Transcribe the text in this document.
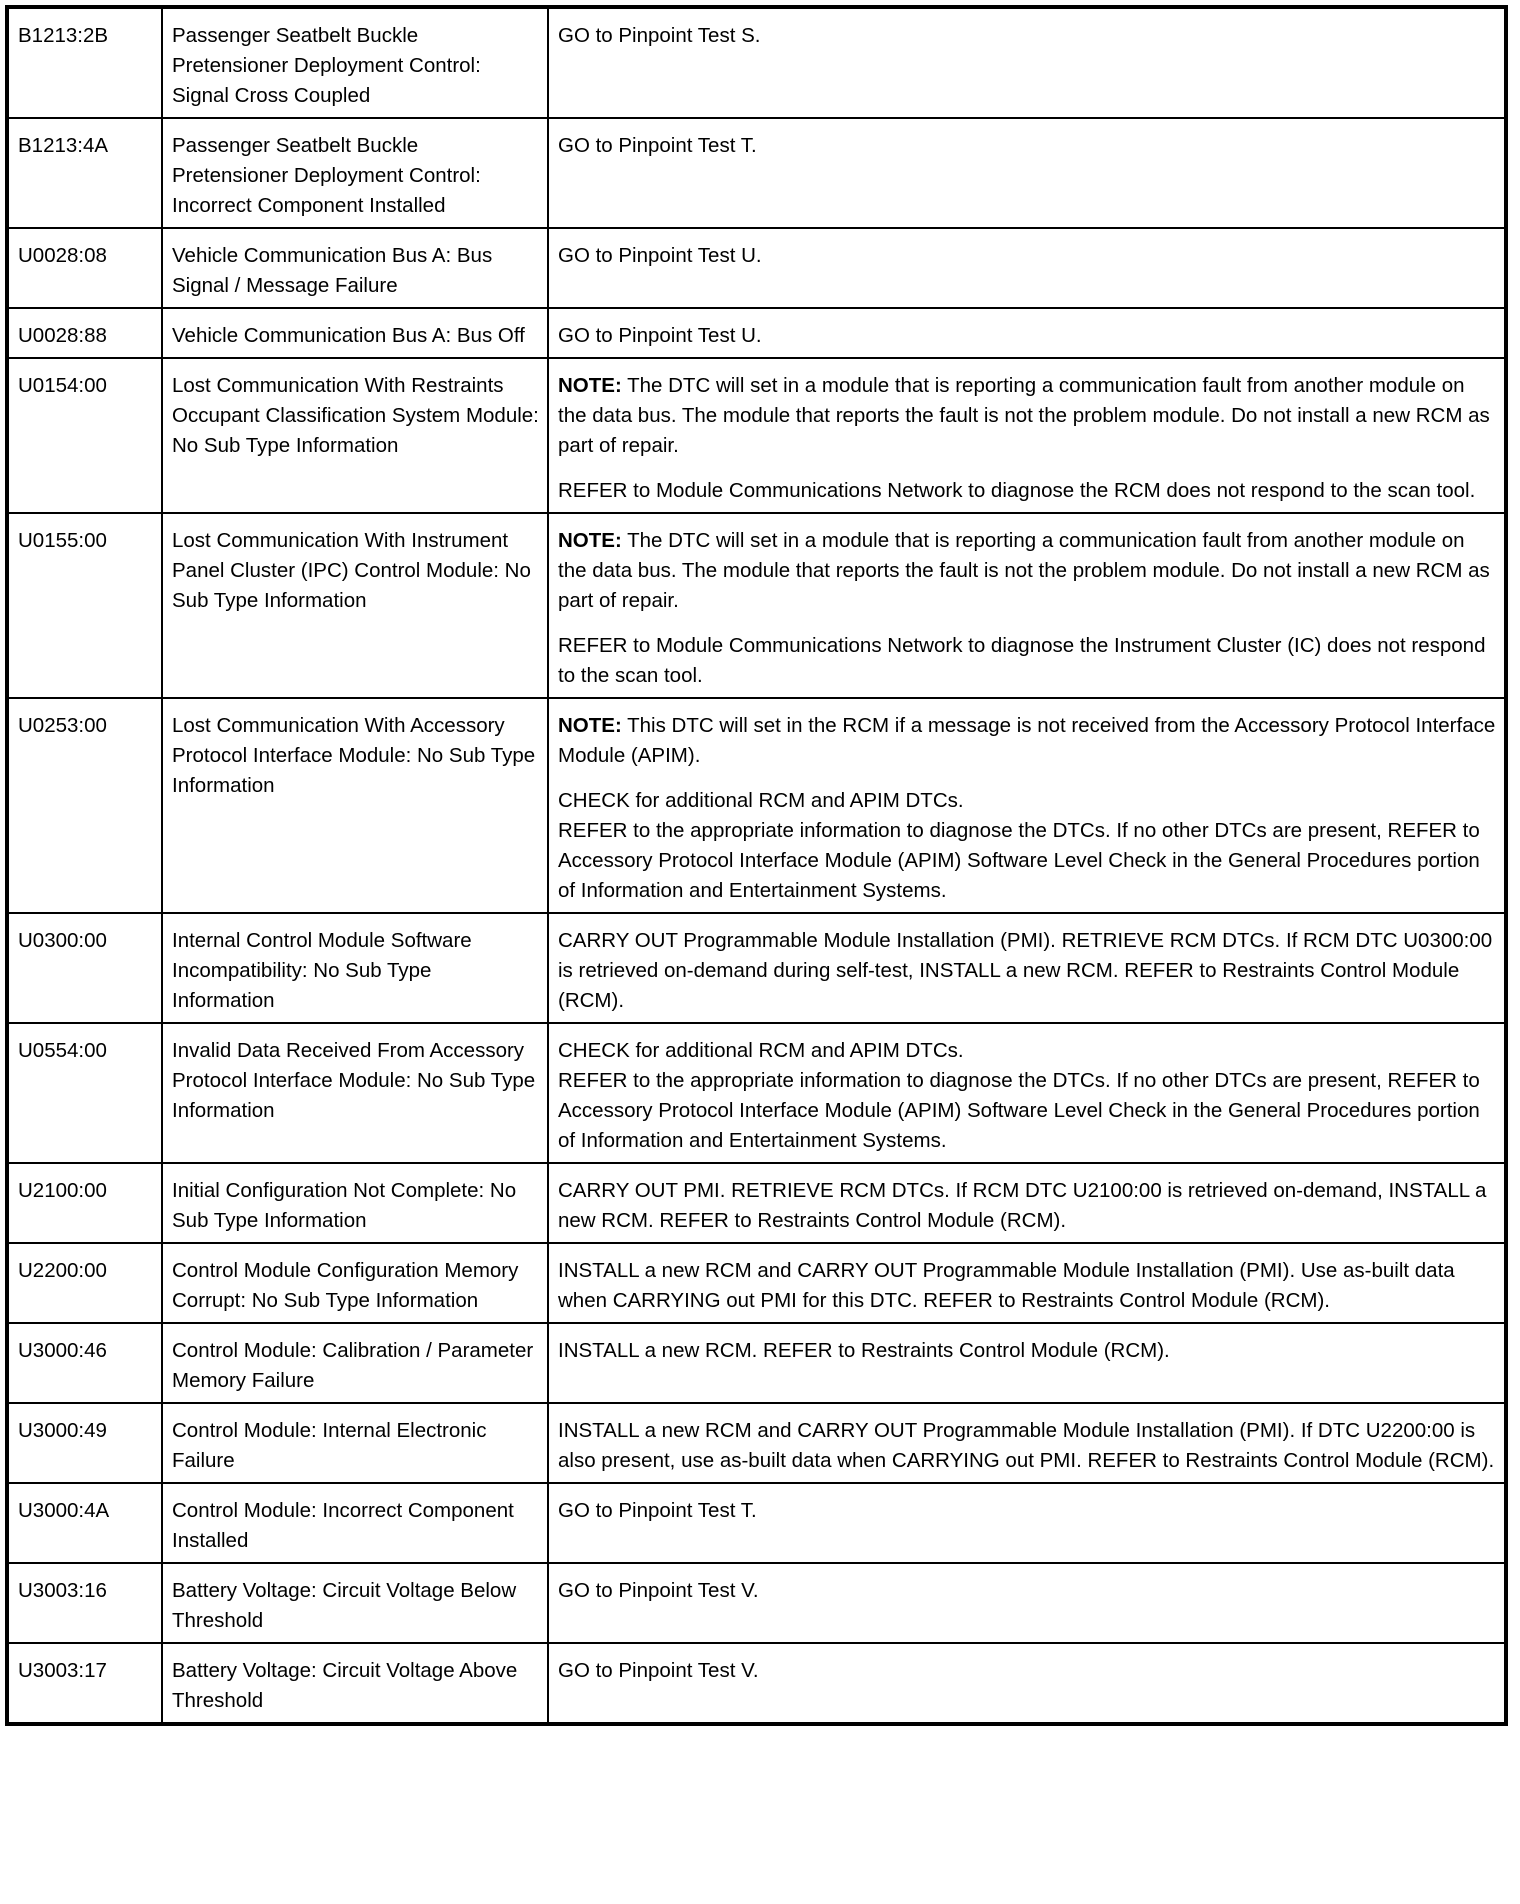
B1213:2B	Passenger Seatbelt Buckle Pretensioner Deployment Control: Signal Cross Coupled	GO to Pinpoint Test S.

B1213:4A	Passenger Seatbelt Buckle Pretensioner Deployment Control: Incorrect Component Installed	GO to Pinpoint Test T.

U0028:08	Vehicle Communication Bus A: Bus Signal / Message Failure	GO to Pinpoint Test U.

U0028:88	Vehicle Communication Bus A: Bus Off	GO to Pinpoint Test U.

U0154:00	Lost Communication With Restraints Occupant Classification System Module: No Sub Type Information	NOTE: The DTC will set in a module that is reporting a communication fault from another module on the data bus. The module that reports the fault is not the problem module. Do not install a new RCM as part of repair.

REFER to Module Communications Network to diagnose the RCM does not respond to the scan tool.

U0155:00	Lost Communication With Instrument Panel Cluster (IPC) Control Module: No Sub Type Information	NOTE: The DTC will set in a module that is reporting a communication fault from another module on the data bus. The module that reports the fault is not the problem module. Do not install a new RCM as part of repair.

REFER to Module Communications Network to diagnose the Instrument Cluster (IC) does not respond to the scan tool.

U0253:00	Lost Communication With Accessory Protocol Interface Module: No Sub Type Information	NOTE: This DTC will set in the RCM if a message is not received from the Accessory Protocol Interface Module (APIM).

CHECK for additional RCM and APIM DTCs.
REFER to the appropriate information to diagnose the DTCs. If no other DTCs are present, REFER to Accessory Protocol Interface Module (APIM) Software Level Check in the General Procedures portion of Information and Entertainment Systems.

U0300:00	Internal Control Module Software Incompatibility: No Sub Type Information	CARRY OUT Programmable Module Installation (PMI). RETRIEVE RCM DTCs. If RCM DTC U0300:00 is retrieved on-demand during self-test, INSTALL a new RCM. REFER to Restraints Control Module (RCM).

U0554:00	Invalid Data Received From Accessory Protocol Interface Module: No Sub Type Information	CHECK for additional RCM and APIM DTCs.
REFER to the appropriate information to diagnose the DTCs. If no other DTCs are present, REFER to Accessory Protocol Interface Module (APIM) Software Level Check in the General Procedures portion of Information and Entertainment Systems.

U2100:00	Initial Configuration Not Complete: No Sub Type Information	CARRY OUT PMI. RETRIEVE RCM DTCs. If RCM DTC U2100:00 is retrieved on-demand, INSTALL a new RCM. REFER to Restraints Control Module (RCM).

U2200:00	Control Module Configuration Memory Corrupt: No Sub Type Information	INSTALL a new RCM and CARRY OUT Programmable Module Installation (PMI). Use as-built data when CARRYING out PMI for this DTC. REFER to Restraints Control Module (RCM).

U3000:46	Control Module: Calibration / Parameter Memory Failure	INSTALL a new RCM. REFER to Restraints Control Module (RCM).

U3000:49	Control Module: Internal Electronic Failure	INSTALL a new RCM and CARRY OUT Programmable Module Installation (PMI). If DTC U2200:00 is also present, use as-built data when CARRYING out PMI. REFER to Restraints Control Module (RCM).

U3000:4A	Control Module: Incorrect Component Installed	GO to Pinpoint Test T.

U3003:16	Battery Voltage: Circuit Voltage Below Threshold	GO to Pinpoint Test V.

U3003:17	Battery Voltage: Circuit Voltage Above Threshold	GO to Pinpoint Test V.
